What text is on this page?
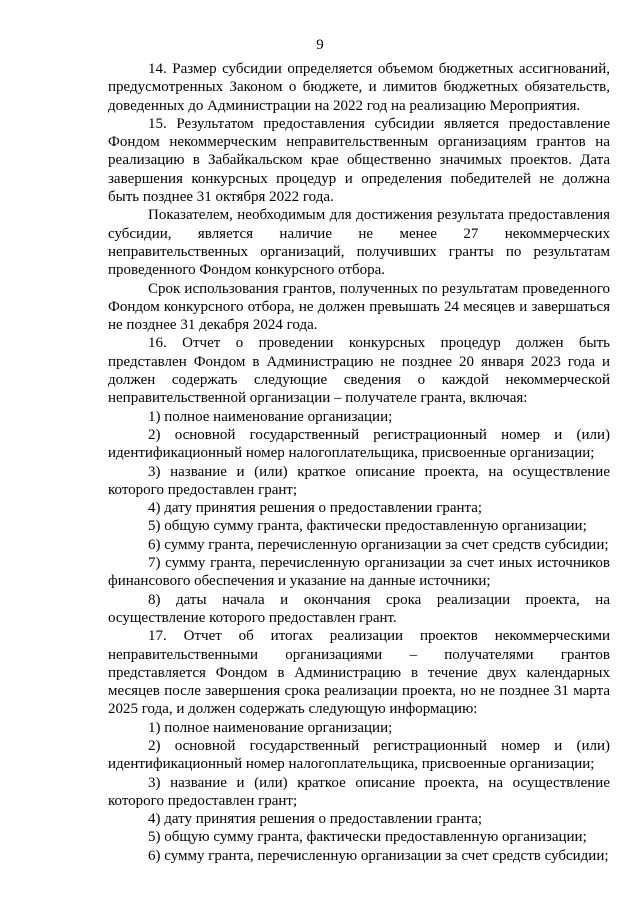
9

14. Размер субсидии определяется объемом бюджетных ассигнований, предусмотренных Законом о бюджете, и лимитов бюджетных обязательств, доведенных до Администрации на 2022 год на реализацию Мероприятия.

15. Результатом предоставления субсидии является предоставление Фондом некоммерческим неправительственным организациям грантов на реализацию в Забайкальском крае общественно значимых проектов. Дата завершения конкурсных процедур и определения победителей не должна быть позднее 31 октября 2022 года.

Показателем, необходимым для достижения результата предоставления субсидии, является наличие не менее 27 некоммерческих неправительственных организаций, получивших гранты по результатам проведенного Фондом конкурсного отбора.

Срок использования грантов, полученных по результатам проведенного Фондом конкурсного отбора, не должен превышать 24 месяцев и завершаться не позднее 31 декабря 2024 года.

16. Отчет о проведении конкурсных процедур должен быть представлен Фондом в Администрацию не позднее 20 января 2023 года и должен содержать следующие сведения о каждой некоммерческой неправительственной организации – получателе гранта, включая:

1) полное наименование организации;

2) основной государственный регистрационный номер и (или) идентификационный номер налогоплательщика, присвоенные организации;

3) название и (или) краткое описание проекта, на осуществление которого предоставлен грант;

4) дату принятия решения о предоставлении гранта;

5) общую сумму гранта, фактически предоставленную организации;

6) сумму гранта, перечисленную организации за счет средств субсидии;

7) сумму гранта, перечисленную организации за счет иных источников финансового обеспечения и указание на данные источники;

8) даты начала и окончания срока реализации проекта, на осуществление которого предоставлен грант.

17. Отчет об итогах реализации проектов некоммерческими неправительственными организациями – получателями грантов представляется Фондом в Администрацию в течение двух календарных месяцев после завершения срока реализации проекта, но не позднее 31 марта 2025 года, и должен содержать следующую информацию:

1) полное наименование организации;

2) основной государственный регистрационный номер и (или) идентификационный номер налогоплательщика, присвоенные организации;

3) название и (или) краткое описание проекта, на осуществление которого предоставлен грант;

4) дату принятия решения о предоставлении гранта;

5) общую сумму гранта, фактически предоставленную организации;

6) сумму гранта, перечисленную организации за счет средств субсидии;
